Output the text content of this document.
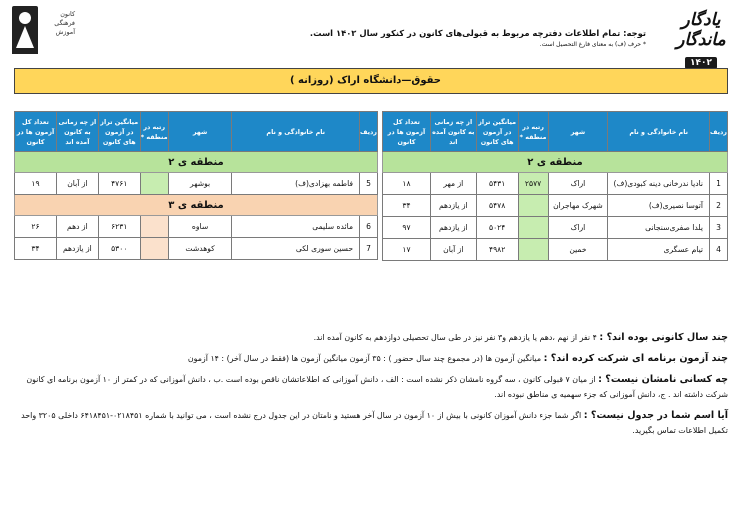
کانون
فرهنگی
آموزش	توجه: تمام اطلاعات دفترچه مربوط به قبولی‌های کانون در کنکور سال ۱۴۰۲ است.
* حرف (ف) به معنای فارغ التحصیل است.
یادگار ماندگار
۱۴۰۲
حقوق—دانشگاه اراک (روزانه )
ردیف	نام خانوادگی و نام	شهر	رتبه در منطقه *	میانگین تراز در آزمون های کانون	از چه زمانی به کانون آمده اند	تعداد کل آزمون ها در کانون
منطقه ی ۲						
1	نادیا ندرخانی دینه کبودی(ف)	اراک	۲۵۷۷	۵۴۳۱	از مهر	۱۸
2	آتوسا نصیری(ف)	شهرک مهاجران		۵۴۷۸	از یازدهم	۳۴
3	یلدا صفری‌سنجانی	اراک		۵۰۲۴	از یازدهم	۹۷
4	تیام عسگری	خمین		۴۹۸۲	از آبان	۱۷
ردیف	نام خانوادگی و نام	شهر	رتبه در منطقه *	میانگین تراز در آزمون های کانون	از چه زمانی به کانون آمده اند	تعداد کل آزمون ها در کانون
منطقه ی ۲						
5	فاطمه بهزادی(ف)	بوشهر		۴۷۶۱	از آبان	۱۹
منطقه ی ۳						
6	مائده سلیمی	ساوه		۶۲۳۱	از دهم	۲۶
7	حسین سوری لکی	کوهدشت		۵۳۰۰	از یازدهم	۳۴

چند سال کانونی بوده اند؟ : ۴ نفر از نهم ،دهم یا یازدهم و۳ نفر نیز در طی سال تحصیلی دوازدهم به کانون آمده اند.

چند آزمون برنامه ای شرکت کرده اند؟ : میانگین آزمون ها (در مجموع چند سال حضور ) : ۳۵ آزمون میانگین آزمون ها (فقط در سال آخر) : ۱۴ آزمون

چه کسانی نامشان نیست؟ : از میان ۷ قبولی کانون ، سه گروه نامشان ذکر نشده است : الف ، دانش آموزانی که اطلاعاتشان ناقص بوده است .ب ، دانش آموزانی که در کمتر از ۱۰ آزمون برنامه ای کانون شرکت داشته اند . ج، دانش آموزانی که جزء سهمیه ی مناطق نبوده اند.

آیا اسم شما در جدول نیست؟ : اگر شما جزء دانش آموزان کانونی با بیش از ۱۰ آزمون در سال آخر هستید و نامتان در این جدول درج نشده است ، می توانید با شماره ۰۲۱۸۴۵۱-۶۴۱۸۴۵۱ داخلی ۳۲۰۵ واحد تکمیل اطلاعات تماس بگیرید.
